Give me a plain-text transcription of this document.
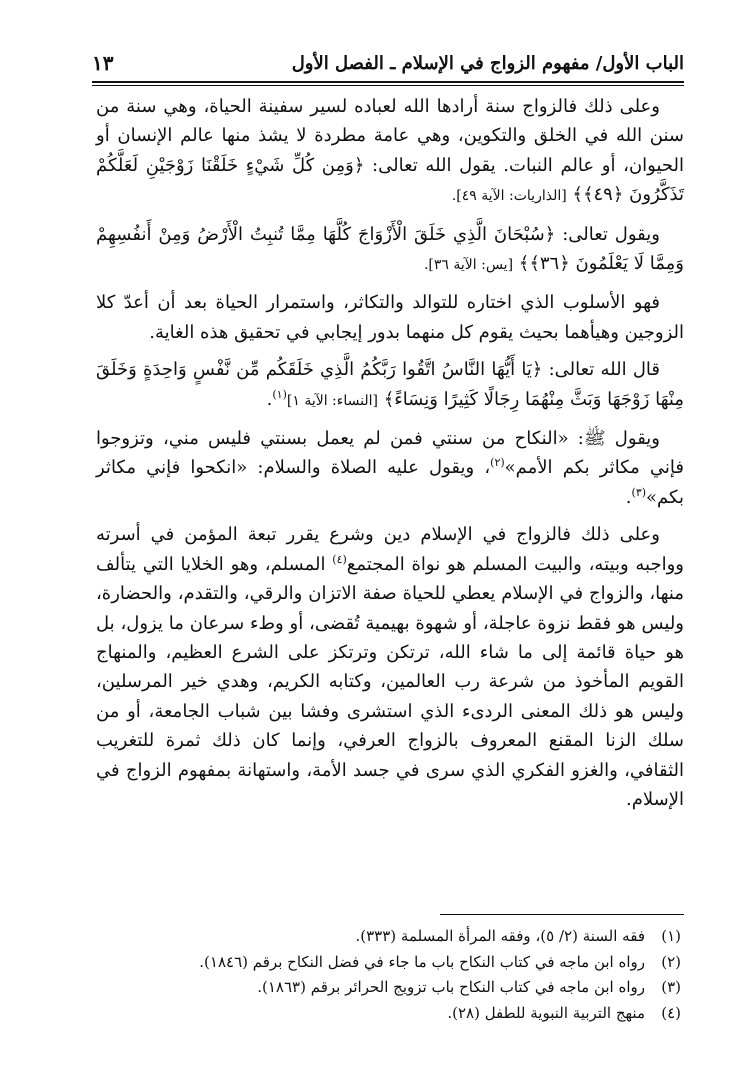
١٣	الباب الأول/ مفهوم الزواج في الإسلام ـ الفصل الأول

وعلى ذلك فالزواج سنة أرادها الله لعباده لسير سفينة الحياة، وهي سنة من سنن الله في الخلق والتكوين، وهي عامة مطردة لا يشذ منها عالم الإنسان أو الحيوان، أو عالم النبات. يقول الله تعالى: ﴿وَمِن كُلِّ شَيْءٍ خَلَقْنَا زَوْجَيْنِ لَعَلَّكُمْ تَذَكَّرُونَ ﴿٤٩﴾﴾ [الذاريات: الآية ٤٩].

ويقول تعالى: ﴿سُبْحَانَ الَّذِي خَلَقَ الْأَزْوَاجَ كُلَّهَا مِمَّا تُنبِتُ الْأَرْضُ وَمِنْ أَنفُسِهِمْ وَمِمَّا لَا يَعْلَمُونَ ﴿٣٦﴾﴾ [يس: الآية ٣٦].

فهو الأسلوب الذي اختاره للتوالد والتكاثر، واستمرار الحياة بعد أن أعدّ كلا الزوجين وهيأهما بحيث يقوم كل منهما بدور إيجابي في تحقيق هذه الغاية.

قال الله تعالى: ﴿يَا أَيُّهَا النَّاسُ اتَّقُوا رَبَّكُمُ الَّذِي خَلَقَكُم مِّن نَّفْسٍ وَاحِدَةٍ وَخَلَقَ مِنْهَا زَوْجَهَا وَبَثَّ مِنْهُمَا رِجَالًا كَثِيرًا وَنِسَاءً﴾ [النساء: الآية ١]$^{(١)}$.

ويقول ﷺ: «النكاح من سنتي فمن لم يعمل بسنتي فليس مني، وتزوجوا فإني مكاثر بكم الأمم»$^{(٢)}$، ويقول عليه الصلاة والسلام: «انكحوا فإني مكاثر بكم»$^{(٣)}$.

وعلى ذلك فالزواج في الإسلام دين وشرع يقرر تبعة المؤمن في أسرته وواجبه وبيته، والبيت المسلم هو نواة المجتمع$^{(٤)}$ المسلم، وهو الخلايا التي يتألف منها، والزواج في الإسلام يعطي للحياة صفة الاتزان والرقي، والتقدم، والحضارة، وليس هو فقط نزوة عاجلة، أو شهوة بهيمية تُقضى، أو وطء سرعان ما يزول، بل هو حياة قائمة إلى ما شاء الله، ترتكن وترتكز على الشرع العظيم، والمنهاج القويم المأخوذ من شرعة رب العالمين، وكتابه الكريم، وهدي خير المرسلين، وليس هو ذلك المعنى الردىء الذي استشرى وفشا بين شباب الجامعة، أو من سلك الزنا المقنع المعروف بالزواج العرفي، وإنما كان ذلك ثمرة للتغريب الثقافي، والغزو الفكري الذي سرى في جسد الأمة، واستهانة بمفهوم الزواج في الإسلام.

(١)فقه السنة (٢/ ٥)، وفقه المرأة المسلمة (٣٣٣).
(٢)رواه ابن ماجه في كتاب النكاح باب ما جاء في فضل النكاح برقم (١٨٤٦).
(٣)رواه ابن ماجه في كتاب النكاح باب تزويج الحرائر برقم (١٨٦٣).
(٤)منهج التربية النبوية للطفل (٢٨).
